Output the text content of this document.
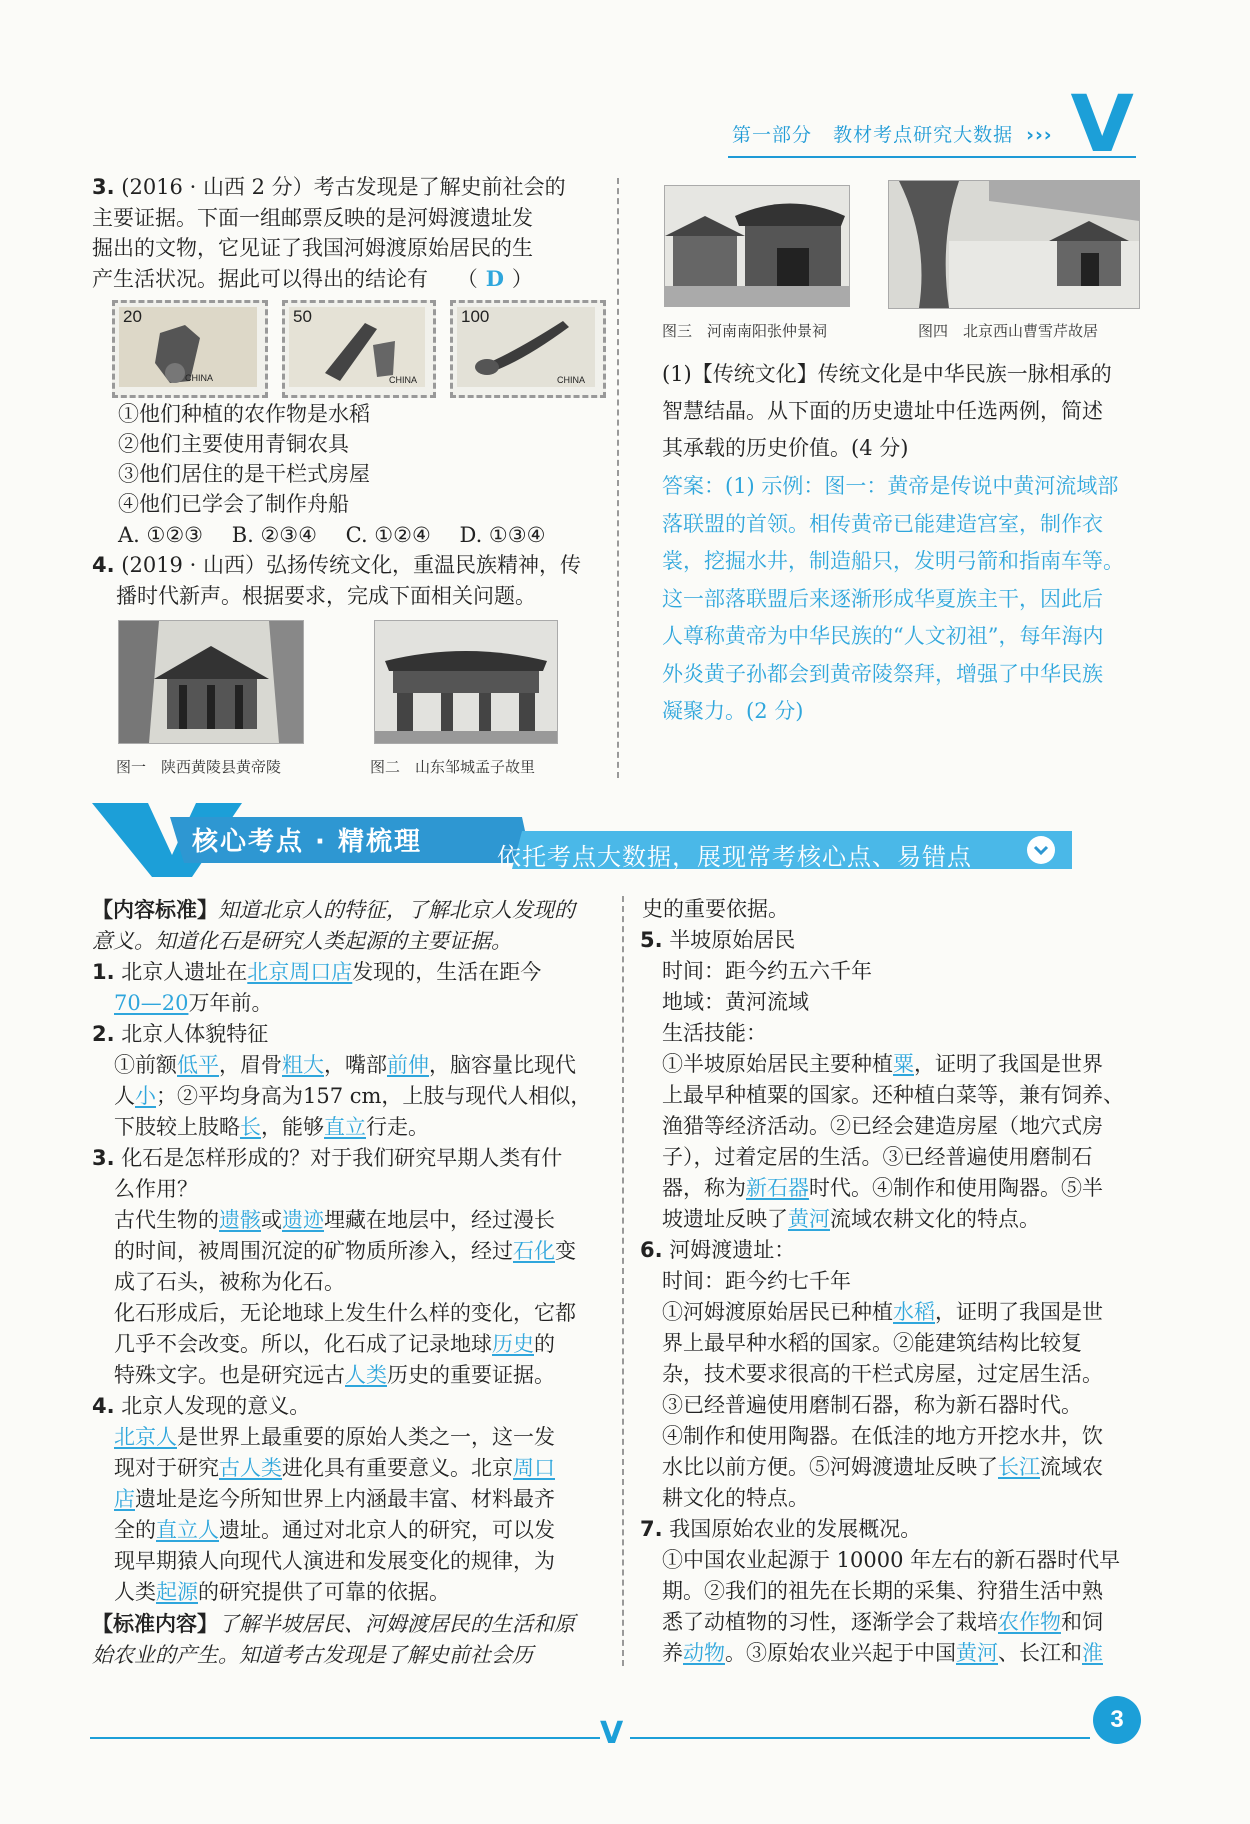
第一部分 教材考点研究大数据 ››› V

3. (2016 · 山西 2 分）考古发现是了解史前社会的

主要证据。下面一组邮票反映的是河姆渡遗址发

掘出的文物，它见证了我国河姆渡原始居民的生

产生活状况。据此可以得出的结论有 （ D ）

20
CHINA
50
CHINA
100
CHINA

①他们种植的农作物是水稻

②他们主要使用青铜农具

③他们居住的是干栏式房屋

④他们已学会了制作舟船

A. ①②③ B. ②③④ C. ①②④ D. ①③④

4. (2019 · 山西）弘扬传统文化，重温民族精神，传

播时代新声。根据要求，完成下面相关问题。

图一　陕西黄陵县黄帝陵	图二　山东邹城孟子故里
图三　河南南阳张仲景祠	图四　北京西山曹雪芹故居

(1)【传统文化】传统文化是中华民族一脉相承的

智慧结晶。从下面的历史遗址中任选两例，简述

其承载的历史价值。(4 分)

答案：(1) 示例：图一：黄帝是传说中黄河流域部

落联盟的首领。相传黄帝已能建造宫室，制作衣

裳，挖掘水井，制造船只，发明弓箭和指南车等。

这一部落联盟后来逐渐形成华夏族主干，因此后

人尊称黄帝为中华民族的“人文初祖”，每年海内

外炎黄子孙都会到黄帝陵祭拜，增强了中华民族

凝聚力。(2 分)

核心考点 · 精梳理	依托考点大数据，展现常考核心点、易错点

【内容标准】知道北京人的特征，了解北京人发现的

意义。知道化石是研究人类起源的主要证据。

1. 北京人遗址在北京周口店发现的，生活在距今

70—20万年前。

2. 北京人体貌特征

①前额低平，眉骨粗大，嘴部前伸，脑容量比现代

人小；②平均身高为157 cm，上肢与现代人相似，

下肢较上肢略长，能够直立行走。

3. 化石是怎样形成的？对于我们研究早期人类有什

么作用？

古代生物的遗骸或遗迹埋藏在地层中，经过漫长

的时间，被周围沉淀的矿物质所渗入，经过石化变

成了石头，被称为化石。

化石形成后，无论地球上发生什么样的变化，它都

几乎不会改变。所以，化石成了记录地球历史的

特殊文字。也是研究远古人类历史的重要证据。

4. 北京人发现的意义。

北京人是世界上最重要的原始人类之一，这一发

现对于研究古人类进化具有重要意义。北京周口

店遗址是迄今所知世界上内涵最丰富、材料最齐

全的直立人遗址。通过对北京人的研究，可以发

现早期猿人向现代人演进和发展变化的规律，为

人类起源的研究提供了可靠的依据。

【标准内容】了解半坡居民、河姆渡居民的生活和原

始农业的产生。知道考古发现是了解史前社会历

史的重要依据。

5. 半坡原始居民

时间：距今约五六千年

地域：黄河流域

生活技能：

①半坡原始居民主要种植粟，证明了我国是世界

上最早种植粟的国家。还种植白菜等，兼有饲养、

渔猎等经济活动。②已经会建造房屋（地穴式房

子），过着定居的生活。③已经普遍使用磨制石

器，称为新石器时代。④制作和使用陶器。⑤半

坡遗址反映了黄河流域农耕文化的特点。

6. 河姆渡遗址：

时间：距今约七千年

①河姆渡原始居民已种植水稻，证明了我国是世

界上最早种水稻的国家。②能建筑结构比较复

杂，技术要求很高的干栏式房屋，过定居生活。

③已经普遍使用磨制石器，称为新石器时代。

④制作和使用陶器。在低洼的地方开挖水井，饮

水比以前方便。⑤河姆渡遗址反映了长江流域农

耕文化的特点。

7. 我国原始农业的发展概况。

①中国农业起源于 10000 年左右的新石器时代早

期。②我们的祖先在长期的采集、狩猎生活中熟

悉了动植物的习性，逐渐学会了栽培农作物和饲

养动物。③原始农业兴起于中国黄河、长江和淮

V	3
